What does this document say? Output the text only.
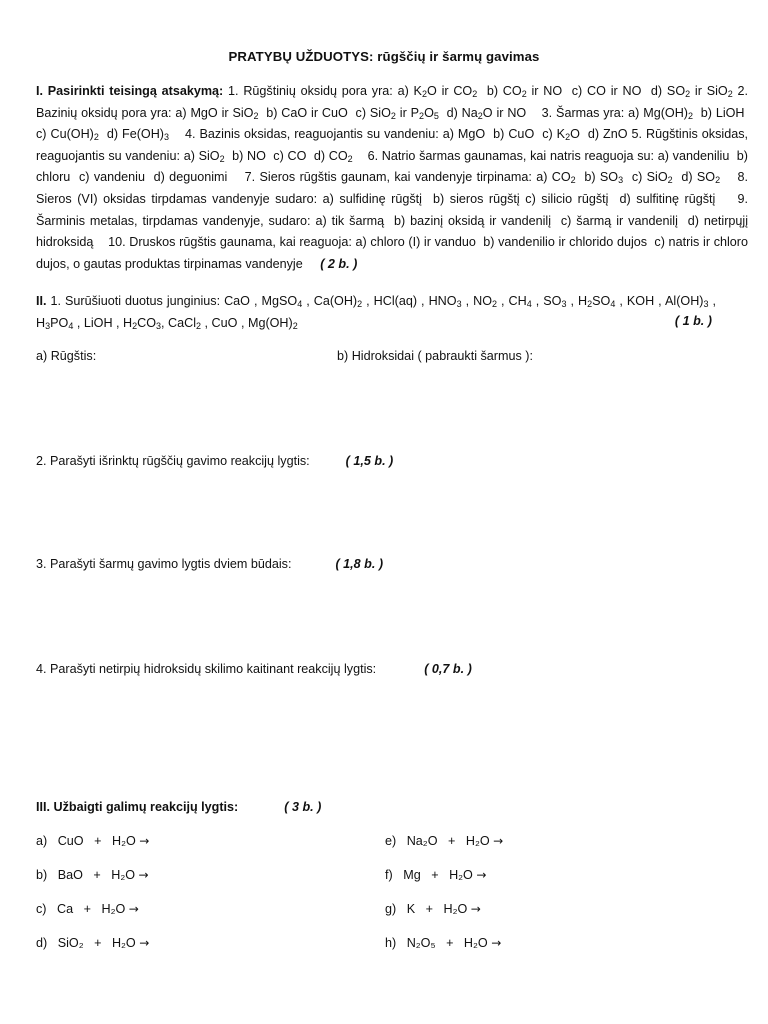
PRATYBŲ UŽDUOTYS: rūgščių ir šarmų gavimas

I. Pasirinkti teisingą atsakymą: 1. Rūgštinių oksidų pora yra: a) $K_2O$ ir $CO_2$  b) $CO_2$ ir NO  c) CO ir NO  d) $SO_2$ ir SiO$_2$ 2. Bazinių oksidų pora yra: a) MgO ir SiO$_2$  b) CaO ir CuO  c) SiO$_2$ ir $P_2O_5$  d) $Na_2O$ ir NO    3. Šarmas yra: a) $Mg(OH)_2$  b) LiOH  c) $Cu(OH)_2$  d) $Fe(OH)_3$    4. Bazinis oksidas, reaguojantis su vandeniu: a) MgO  b) CuO  c) $K_2O$  d) ZnO 5. Rūgštinis oksidas, reaguojantis su vandeniu: a) SiO$_2$  b) NO  c) CO  d) $CO_2$    6. Natrio šarmas gaunamas, kai natris reaguoja su: a) vandeniliu  b) chloru  c) vandeniu  d) deguonimi    7. Sieros rūgštis gaunam, kai vandenyje tirpinama: a) $CO_2$  b) $SO_3$  c) SiO$_2$  d) $SO_2$    8. Sieros (VI) oksidas tirpdamas vandenyje sudaro: a) sulfidinę rūgštį  b) sieros rūgštį c) silicio rūgštį  d) sulfitinę rūgštį    9. Šarminis metalas, tirpdamas vandenyje, sudaro: a) tik šarmą  b) bazinį oksidą ir vandenilį  c) šarmą ir vandenilį  d) netirpųjį hidroksidą    10. Druskos rūgštis gaunama, kai reaguoja: a) chloro (I) ir vanduo  b) vandenilio ir chlorido dujos  c) natris ir chloro dujos, o gautas produktas tirpinamas vandenyje     ( 2 b. )

II. 1. Surūšiuoti duotus junginius: CaO , MgSO$_4$ , $Ca(OH)_2$ , HCl(aq) , $HNO_3$ , $NO_2$ , $CH_4$ , $SO_3$ , $H_2SO_4$ , KOH , $Al(OH)_3$ , $H_3PO_4$ , LiOH , $H_2CO_3$, CaCl$_2$ , CuO , $Mg(OH)_2$	( 1 b. )
a) Rūgštis:	b) Hidroksidai ( pabraukti šarmus ):
2. Parašyti išrinktų rūgščių gavimo reakcijų lygtis:	( 1,5 b. )
3. Parašyti šarmų gavimo lygtis dviem būdais:	( 1,8 b. )
4. Parašyti netirpių hidroksidų skilimo kaitinant reakcijų lygtis:	( 0,7 b. )
III. Užbaigti galimų reakcijų lygtis:	( 3 b. )
a) CuO + H₂O →
b) BaO + H₂O →
c) Ca + H₂O →
d) SiO₂ + H₂O →
e) Na₂O + H₂O →
f) Mg + H₂O →
g) K + H₂O →
h) N₂O₅ + H₂O →
